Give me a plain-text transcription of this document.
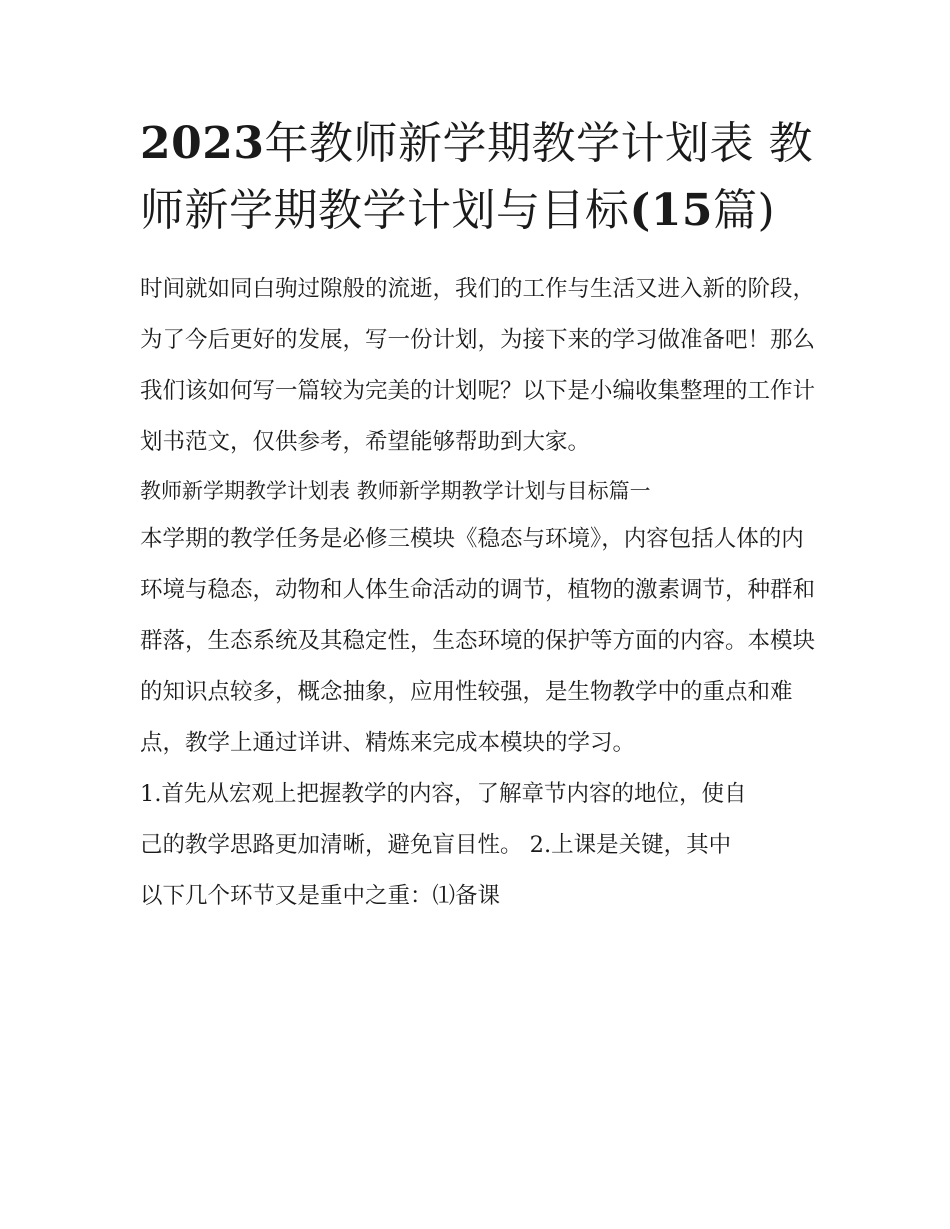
2023年教师新学期教学计划表 教师新学期教学计划与目标(15篇)

时间就如同白驹过隙般的流逝，我们的工作与生活又进入新的阶段，为了今后更好的发展，写一份计划，为接下来的学习做准备吧！那么我们该如何写一篇较为完美的计划呢？以下是小编收集整理的工作计划书范文，仅供参考，希望能够帮助到大家。

教师新学期教学计划表 教师新学期教学计划与目标篇一

本学期的教学任务是必修三模块《稳态与环境》，内容包括人体的内环境与稳态，动物和人体生命活动的调节，植物的激素调节，种群和群落，生态系统及其稳定性，生态环境的保护等方面的内容。本模块的知识点较多，概念抽象，应用性较强，是生物教学中的重点和难点，教学上通过详讲、精炼来完成本模块的学习。

1.首先从宏观上把握教学的内容，了解章节内容的地位，使自

己的教学思路更加清晰，避免盲目性。 2.上课是关键，其中

以下几个环节又是重中之重：⑴备课
